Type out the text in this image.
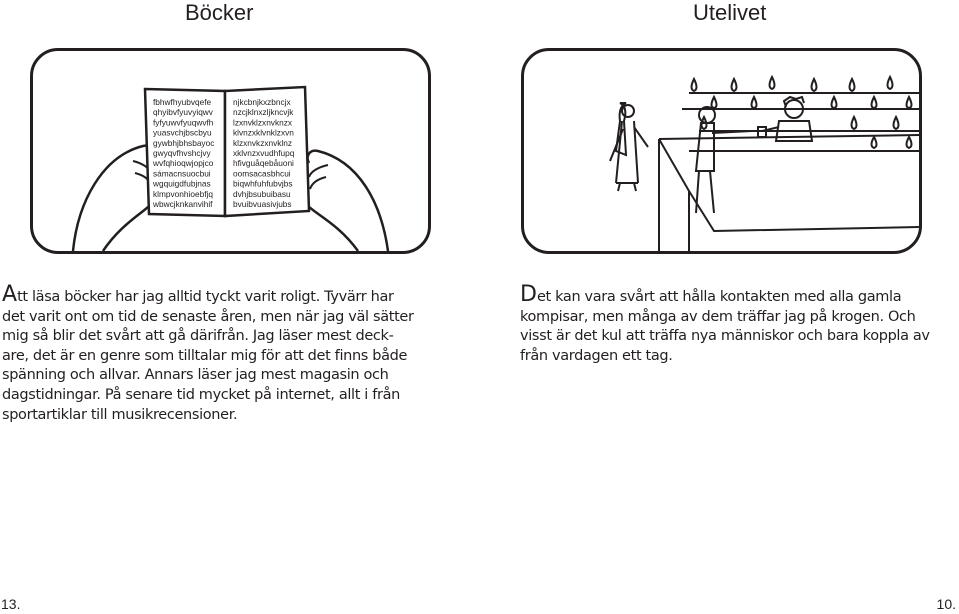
Böcker	Utelivet
fbhwfhyubvqefe
qhyibvfyuvyiqwv
fyfyuwvfyuqwvfh
yuasvchjbscbyu
gywbhjbhsbayoc
gwyqvfhvshcjvy
wvfqhioqwjopjco
sámacnsuocbui
wgquigdfubjnas
klmpvonhioebfjq
wbwcjknkanvihif
njkcbnjkxzbncjx
nzcjklnxzljkncvjk
lzxnvklzxnvknzx
klvnzxklvnklzxvn
klzxnvkzxnvklnz
xklvnzxvudhfupq
hfivguåqebåuoni
oomsacasbhcui
biqwhfuhfubvjbs
dvhjbsubuibasu
bvuibvuasivjubs

Att läsa böcker har jag alltid tyckt varit roligt. Tyvärr har
det varit ont om tid de senaste åren, men när jag väl sätter
mig så blir det svårt att gå därifrån. Jag läser mest deck-
are, det är en genre som tilltalar mig för att det finns både
spänning och allvar. Annars läser jag mest magasin och
dagstidningar. På senare tid mycket på internet, allt i från
sportartiklar till musikrecensioner.

Det kan vara svårt att hålla kontakten med alla gamla
kompisar, men många av dem träffar jag på krogen. Och
visst är det kul att träffa nya människor och bara koppla av
från vardagen ett tag.

13.	10.
